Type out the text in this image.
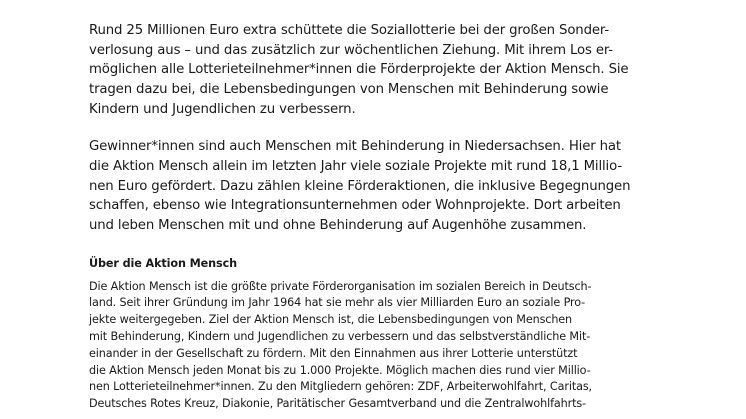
Rund 25 Millionen Euro extra schüttete die Soziallotterie bei der großen Sonder-
verlosung aus – und das zusätzlich zur wöchentlichen Ziehung. Mit ihrem Los er-
möglichen alle Lotterieteilnehmer*innen die Förderprojekte der Aktion Mensch. Sie
tragen dazu bei, die Lebensbedingungen von Menschen mit Behinderung sowie
Kindern und Jugendlichen zu verbessern.
Gewinner*innen sind auch Menschen mit Behinderung in Niedersachsen. Hier hat
die Aktion Mensch allein im letzten Jahr viele soziale Projekte mit rund 18,1 Millio-
nen Euro gefördert. Dazu zählen kleine Förderaktionen, die inklusive Begegnungen
schaffen, ebenso wie Integrationsunternehmen oder Wohnprojekte. Dort arbeiten
und leben Menschen mit und ohne Behinderung auf Augenhöhe zusammen.
Über die Aktion Mensch
Die Aktion Mensch ist die größte private Förderorganisation im sozialen Bereich in Deutsch-
land. Seit ihrer Gründung im Jahr 1964 hat sie mehr als vier Milliarden Euro an soziale Pro-
jekte weitergegeben. Ziel der Aktion Mensch ist, die Lebensbedingungen von Menschen
mit Behinderung, Kindern und Jugendlichen zu verbessern und das selbstverständliche Mit-
einander in der Gesellschaft zu fördern. Mit den Einnahmen aus ihrer Lotterie unterstützt
die Aktion Mensch jeden Monat bis zu 1.000 Projekte. Möglich machen dies rund vier Millio-
nen Lotterieteilnehmer*innen. Zu den Mitgliedern gehören: ZDF, Arbeiterwohlfahrt, Caritas,
Deutsches Rotes Kreuz, Diakonie, Paritätischer Gesamtverband und die Zentralwohlfahrts-
